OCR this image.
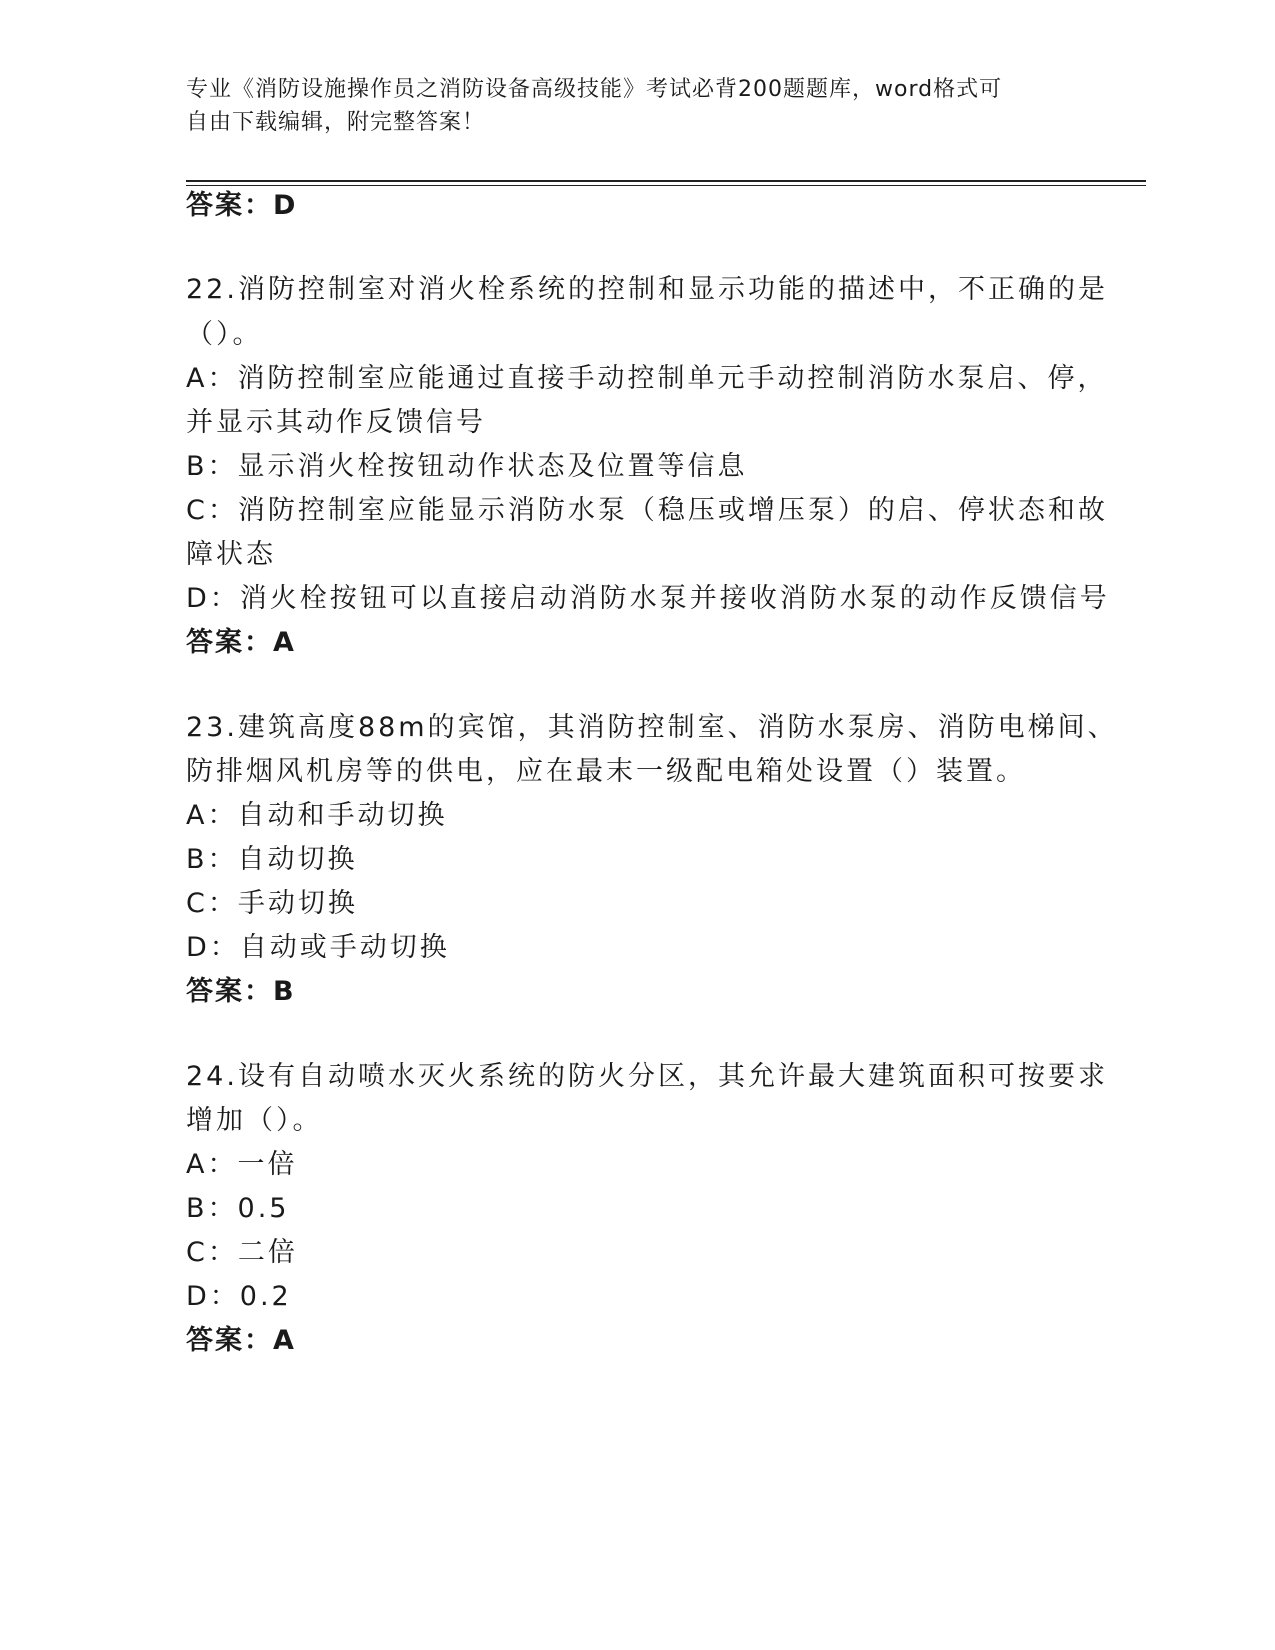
专业《消防设施操作员之消防设备高级技能》考试必背200题题库，word格式可
自由下载编辑，附完整答案！
答案：D
22.消防控制室对消火栓系统的控制和显示功能的描述中，不正确的是
（）。
A：消防控制室应能通过直接手动控制单元手动控制消防水泵启、停，
并显示其动作反馈信号
B：显示消火栓按钮动作状态及位置等信息
C：消防控制室应能显示消防水泵（稳压或增压泵）的启、停状态和故
障状态
D：消火栓按钮可以直接启动消防水泵并接收消防水泵的动作反馈信号
答案：A
23.建筑高度88m的宾馆，其消防控制室、消防水泵房、消防电梯间、
防排烟风机房等的供电，应在最末一级配电箱处设置（）装置。
A：自动和手动切换
B：自动切换
C：手动切换
D：自动或手动切换
答案：B
24.设有自动喷水灭火系统的防火分区，其允许最大建筑面积可按要求
增加（）。
A：一倍
B：0.5
C：二倍
D：0.2
答案：A
